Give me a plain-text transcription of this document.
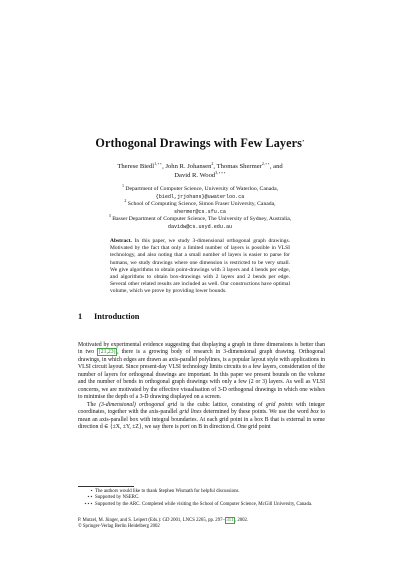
Orthogonal Drawings with Few Layers⋆
Therese Biedl$^{1,⋆⋆}$, John R. Johansen$^2$, Thomas Shermer$^{2,⋆⋆}$, and
David R. Wood$^{3,⋆⋆⋆}$
$^1$ Department of Computer Science, University of Waterloo, Canada,
{biedl,jrjohans}@uwaterloo.ca
$^2$ School of Computing Science, Simon Fraser University, Canada,
shermer@cs.sfu.ca
$^3$ Basser Department of Computer Science, The University of Sydney, Australia,
davidw@cs.usyd.edu.au
Abstract. In this paper, we study 3-dimensional orthogonal graph drawings. Motivated by the fact that only a limited number of layers is possible in VLSI technology, and also noting that a small number of layers is easier to parse for humans, we study drawings where one dimension is restricted to be very small. We give algorithms to obtain point-drawings with 3 layers and 4 bends per edge, and algorithms to obtain box-drawings with 2 layers and 2 bends per edge. Several other related results are included as well. Our constructions have optimal volume, which we prove by providing lower bounds.
1 Introduction

Motivated by experimental evidence suggesting that displaying a graph in three dimensions is better than in two [21,23] , there is a growing body of research in 3-dimensional graph drawing. Orthogonal drawings, in which edges are drawn as axis-parallel polylines, is a popular layout style with applications in VLSI circuit layout. Since present-day VLSI technology limits circuits to a few layers, consideration of the number of layers for orthogonal drawings are important. In this paper we present bounds on the volume and the number of bends in orthogonal graph drawings with only a few (2 or 3) layers. As well as VLSI concerns, we are motivated by the effective visualisation of 3-D orthogonal drawings in which one wishes to minimise the depth of a 3-D drawing displayed on a screen.

The (3-dimensional) orthogonal grid is the cubic lattice, consisting of grid points with integer coordinates, together with the axis-parallel grid lines determined by these points. We use the word box to mean an axis-parallel box with integral boundaries. At each grid point in a box B that is external in some direction d ∈ {±X, ±Y, ±Z}, we say there is port on B in direction d. One grid point

⋆ The authors would like to thank Stephen Wismath for helpful discussions.
⋆⋆ Supported by NSERC.
⋆⋆⋆ Supported by the ARC. Completed while visiting the School of Computer Science, McGill University, Canada.
P. Mutzel, M. Jünger, and S. Leipert (Eds.): GD 2001, LNCS 2265, pp. 297– 311 , 2002.
© Springer-Verlag Berlin Heidelberg 2002
